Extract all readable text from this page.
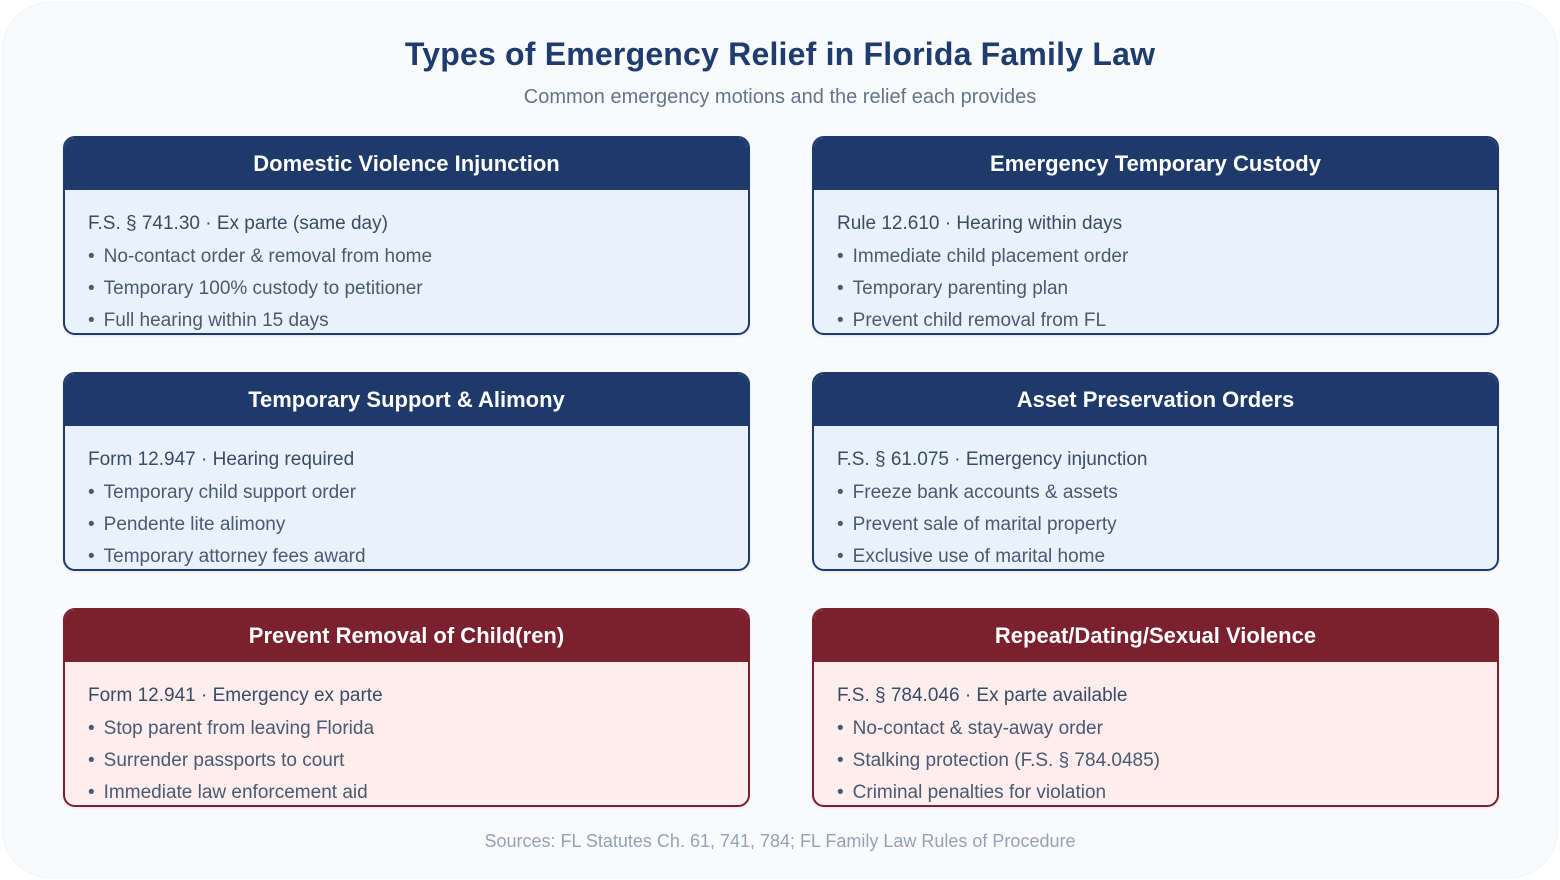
Types of Emergency Relief in Florida Family Law
Common emergency motions and the relief each provides
Domestic Violence Injunction

F.S. § 741.30 · Ex parte (same day)

• No-contact order & removal from home
• Temporary 100% custody to petitioner
• Full hearing within 15 days
Emergency Temporary Custody

Rule 12.610 · Hearing within days

• Immediate child placement order
• Temporary parenting plan
• Prevent child removal from FL
Temporary Support & Alimony

Form 12.947 · Hearing required

• Temporary child support order
• Pendente lite alimony
• Temporary attorney fees award
Asset Preservation Orders

F.S. § 61.075 · Emergency injunction

• Freeze bank accounts & assets
• Prevent sale of marital property
• Exclusive use of marital home
Prevent Removal of Child(ren)

Form 12.941 · Emergency ex parte

• Stop parent from leaving Florida
• Surrender passports to court
• Immediate law enforcement aid
Repeat/Dating/Sexual Violence

F.S. § 784.046 · Ex parte available

• No-contact & stay-away order
• Stalking protection (F.S. § 784.0485)
• Criminal penalties for violation
Sources: FL Statutes Ch. 61, 741, 784; FL Family Law Rules of Procedure
